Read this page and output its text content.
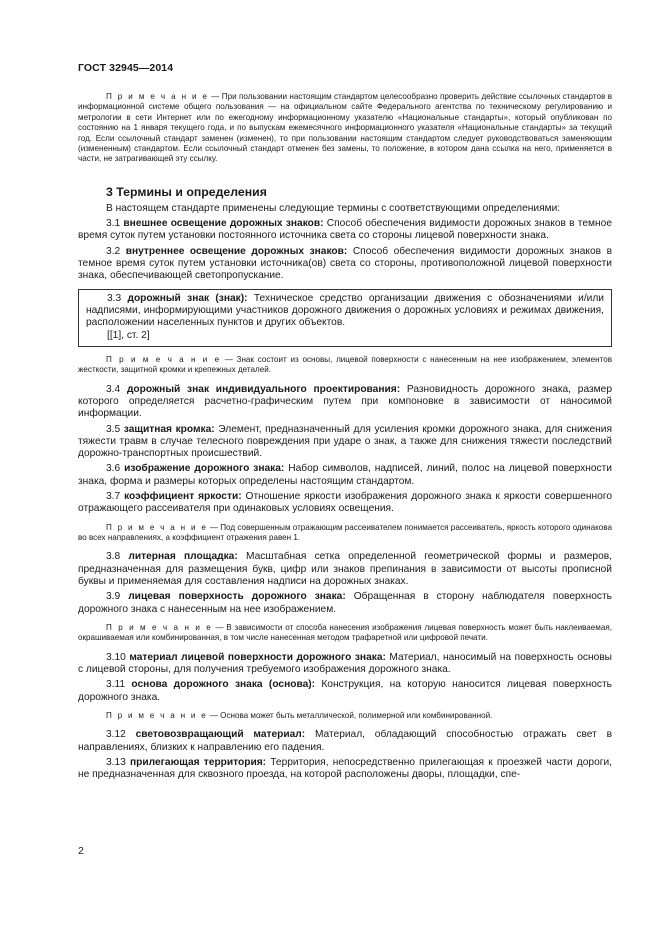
ГОСТ 32945—2014

П р и м е ч а н и е — При пользовании настоящим стандартом целесообразно проверить действие ссылочных стандартов в информационной системе общего пользования — на официальном сайте Федерального агентства по техническому регулированию и метрологии в сети Интернет или по ежегодному информационному указателю «Национальные стандарты», который опубликован по состоянию на 1 января текущего года, и по выпускам ежемесячного информационного указателя «Национальные стандарты» за текущий год. Если ссылочный стандарт заменен (изменен), то при пользовании настоящим стандартом следует руководствоваться заменяющим (измененным) стандартом. Если ссылочный стандарт отменен без замены, то положение, в котором дана ссылка на него, применяется в части, не затрагивающей эту ссылку.

3 Термины и определения

В настоящем стандарте применены следующие термины с соответствующими определениями:

3.1 внешнее освещение дорожных знаков: Способ обеспечения видимости дорожных знаков в темное время суток путем установки постоянного источника света со стороны лицевой поверхности знака.

3.2 внутреннее освещение дорожных знаков: Способ обеспечения видимости дорожных знаков в темное время суток путем установки источника(ов) света со стороны, противоположной лицевой поверхности знака, обеспечивающей светопропускание.

3.3 дорожный знак (знак): Техническое средство организации движения с обозначениями и/или надписями, информирующими участников дорожного движения о дорожных условиях и режимах движения, расположении населенных пунктов и других объектов.

[[1], ст. 2]

П р и м е ч а н и е — Знак состоит из основы, лицевой поверхности с нанесенным на нее изображением, элементов жесткости, защитной кромки и крепежных деталей.

3.4 дорожный знак индивидуального проектирования: Разновидность дорожного знака, размер которого определяется расчетно-графическим путем при компоновке в зависимости от наносимой информации.

3.5 защитная кромка: Элемент, предназначенный для усиления кромки дорожного знака, для снижения тяжести травм в случае телесного повреждения при ударе о знак, а также для снижения тяжести последствий дорожно-транспортных происшествий.

3.6 изображение дорожного знака: Набор символов, надписей, линий, полос на лицевой поверхности знака, форма и размеры которых определены настоящим стандартом.

3.7 коэффициент яркости: Отношение яркости изображения дорожного знака к яркости совершенного отражающего рассеивателя при одинаковых условиях освещения.

П р и м е ч а н и е — Под совершенным отражающим рассеивателем понимается рассеиватель, яркость которого одинакова во всех направлениях, а коэффициент отражения равен 1.

3.8 литерная площадка: Масштабная сетка определенной геометрической формы и размеров, предназначенная для размещения букв, цифр или знаков препинания в зависимости от высоты прописной буквы и применяемая для составления надписи на дорожных знаках.

3.9 лицевая поверхность дорожного знака: Обращенная в сторону наблюдателя поверхность дорожного знака с нанесенным на нее изображением.

П р и м е ч а н и е — В зависимости от способа нанесения изображения лицевая поверхность может быть наклеиваемая, окрашиваемая или комбинированная, в том числе нанесенная методом трафаретной или цифровой печати.

3.10 материал лицевой поверхности дорожного знака: Материал, наносимый на поверхность основы с лицевой стороны, для получения требуемого изображения дорожного знака.

3.11 основа дорожного знака (основа): Конструкция, на которую наносится лицевая поверхность дорожного знака.

П р и м е ч а н и е — Основа может быть металлической, полимерной или комбинированной.

3.12 световозвращающий материал: Материал, обладающий способностью отражать свет в направлениях, близких к направлению его падения.

3.13 прилегающая территория: Территория, непосредственно прилегающая к проезжей части дороги, не предназначенная для сквозного проезда, на которой расположены дворы, площадки, спе-

2
